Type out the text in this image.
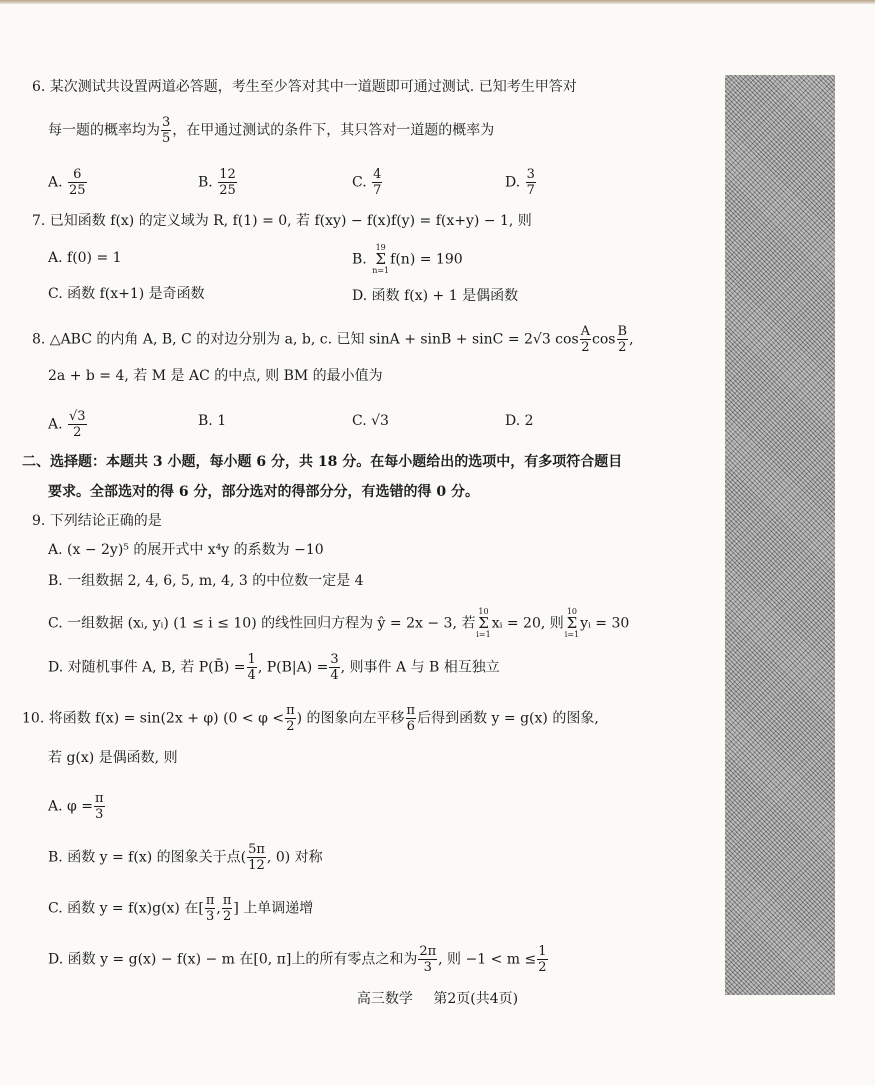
6. 某次测试共设置两道必答题，考生至少答对其中一道题即可通过测试. 已知考生甲答对
每一题的概率均为 $\frac{3}{5}$ ，在甲通过测试的条件下，其只答对一道题的概率为
A. $\frac{6}{25}$	B. $\frac{12}{25}$	C. $\frac{4}{7}$	D. $\frac{3}{7}$
7. 已知函数 f(x) 的定义域为 R, f(1) = 0, 若 f(xy) − f(x)f(y) = f(x+y) − 1, 则
A. f(0) = 1	B.
19
Σ
n=1
f(n) = 190
C. 函数 f(x+1) 是奇函数	D. 函数 f(x) + 1 是偶函数
8. △ABC 的内角 A, B, C 的对边分别为 a, b, c. 已知 sinA + sinB + sinC = 2√3 $\cos \frac{A}{2}$ $\cos \frac{B}{2}$ ,
2a + b = 4, 若 M 是 AC 的中点, 则 BM 的最小值为
A. $\frac{√3}{2}$	B. 1	C. √3	D. 2
二、选择题：本题共 3 小题，每小题 6 分，共 18 分。在每小题给出的选项中，有多项符合题目
要求。全部选对的得 6 分，部分选对的得部分分，有选错的得 0 分。
9. 下列结论正确的是
A. (x − 2y)⁵ 的展开式中 x⁴y 的系数为 −10
B. 一组数据 2, 4, 6, 5, m, 4, 3 的中位数一定是 4
C. 一组数据 (xᵢ, yᵢ) (1 ≤ i ≤ 10) 的线性回归方程为 ŷ = 2x − 3, 若
10
Σ
i=1
xᵢ = 20, 则
10
Σ
i=1
yᵢ = 30
D. 对随机事件 A, B, 若 P(B̄) = $\frac{1}{4}$ , $P(B|A) = \frac{3}{4}$ , 则事件 A 与 B 相互独立
10. 将函数 f(x) = sin(2x + φ) ($0 < \varphi < \frac{\pi}{2}$ ) 的图象向左平移 $\frac{\pi}{6}$ 后得到函数 y = g(x) 的图象,
若 g(x) 是偶函数, 则
A. $\varphi = \frac{\pi}{3}$
B. 函数 y = f(x) 的图象关于点( $\frac{5\pi}{12}$ , 0) 对称
C. 函数 y = f(x)g(x) 在[ $\frac{\pi}{3}$ , $\frac{\pi}{2}$ ] 上单调递增
D. 函数 y = g(x) − f(x) − m 在[0, π]上的所有零点之和为 $\frac{2\pi}{3}$ , 则 $-1 < m \le \frac{1}{2}$
高三数学 第2页(共4页)
